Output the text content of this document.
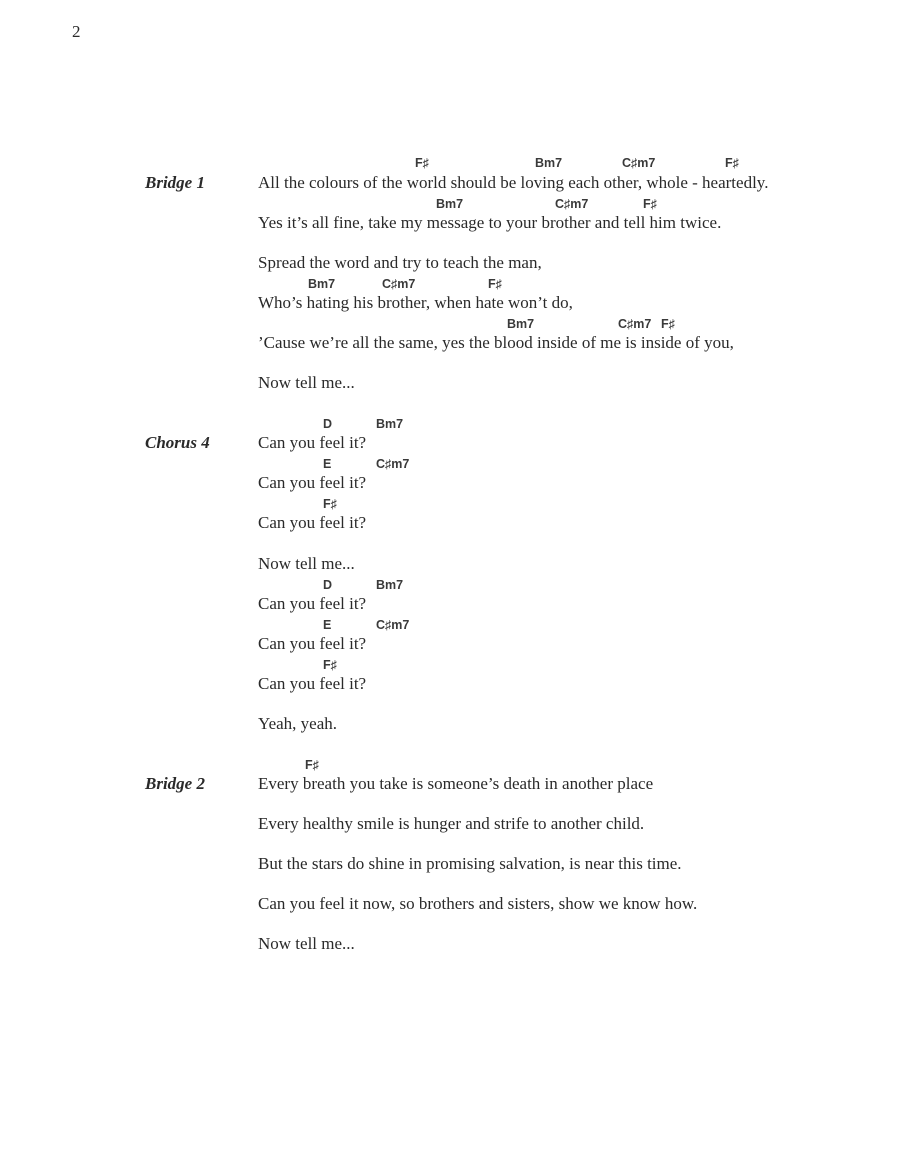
2
Bridge 1
Chorus 4
Bridge 2
F♯	Bm7	C♯m7	F♯
All the colours of the world should be loving each other, whole - heartedly.
Bm7	C♯m7	F♯
Yes it’s all fine, take my message to your brother and tell him twice.
Spread the word and try to teach the man,
Bm7	C♯m7	F♯
Who’s hating his brother, when hate won’t do,
Bm7	C♯m7 F♯
’Cause we’re all the same, yes the blood inside of me is inside of you,
Now tell me...
D	Bm7
Can you feel it?
E	C♯m7
Can you feel it?
F♯
Can you feel it?
Now tell me...
D	Bm7
Can you feel it?
E	C♯m7
Can you feel it?
F♯
Can you feel it?
Yeah, yeah.
F♯
Every breath you take is someone’s death in another place
Every healthy smile is hunger and strife to another child.
But the stars do shine in promising salvation, is near this time.
Can you feel it now, so brothers and sisters, show we know how.
Now tell me...
